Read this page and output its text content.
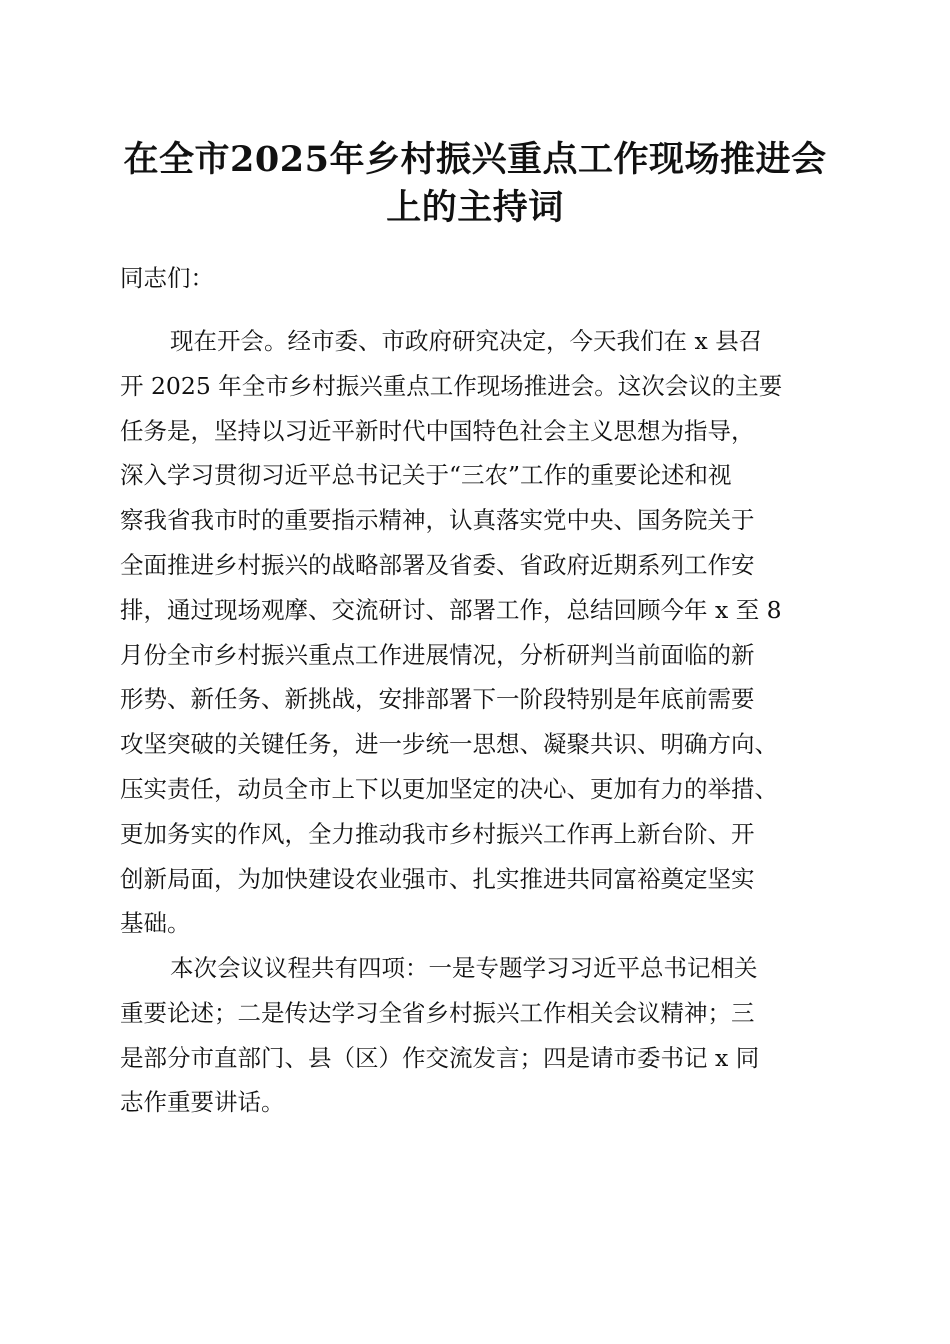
在全市2025年乡村振兴重点工作现场推进会
上的主持词
同志们：
现在开会。经市委、市政府研究决定，今天我们在 x 县召
开 2025 年全市乡村振兴重点工作现场推进会。这次会议的主要
任务是，坚持以习近平新时代中国特色社会主义思想为指导，
深入学习贯彻习近平总书记关于“三农”工作的重要论述和视
察我省我市时的重要指示精神，认真落实党中央、国务院关于
全面推进乡村振兴的战略部署及省委、省政府近期系列工作安
排，通过现场观摩、交流研讨、部署工作，总结回顾今年 x 至 8
月份全市乡村振兴重点工作进展情况，分析研判当前面临的新
形势、新任务、新挑战，安排部署下一阶段特别是年底前需要
攻坚突破的关键任务，进一步统一思想、凝聚共识、明确方向、
压实责任，动员全市上下以更加坚定的决心、更加有力的举措、
更加务实的作风，全力推动我市乡村振兴工作再上新台阶、开
创新局面，为加快建设农业强市、扎实推进共同富裕奠定坚实
基础。
本次会议议程共有四项：一是专题学习习近平总书记相关
重要论述；二是传达学习全省乡村振兴工作相关会议精神；三
是部分市直部门、县（区）作交流发言；四是请市委书记 x 同
志作重要讲话。
